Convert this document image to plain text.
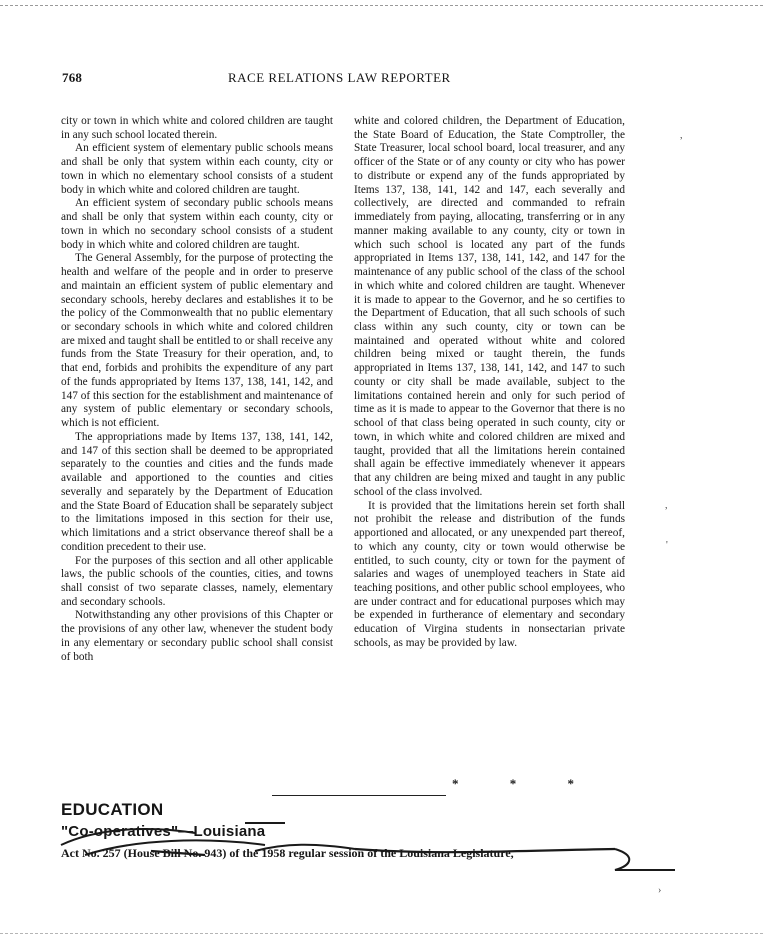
768	RACE RELATIONS LAW REPORTER

city or town in which white and colored children are taught in any such school located therein.

An efficient system of elementary public schools means and shall be only that system within each county, city or town in which no elementary school consists of a student body in which white and colored children are taught.

An efficient system of secondary public schools means and shall be only that system within each county, city or town in which no secondary school consists of a student body in which white and colored children are taught.

The General Assembly, for the purpose of protecting the health and welfare of the people and in order to preserve and maintain an efficient system of public elementary and secondary schools, hereby declares and establishes it to be the policy of the Commonwealth that no public elementary or secondary schools in which white and colored children are mixed and taught shall be entitled to or shall receive any funds from the State Treasury for their operation, and, to that end, forbids and prohibits the expenditure of any part of the funds appropriated by Items 137, 138, 141, 142, and 147 of this section for the establishment and maintenance of any system of public elementary or secondary schools, which is not efficient.

The appropriations made by Items 137, 138, 141, 142, and 147 of this section shall be deemed to be appropriated separately to the counties and cities and the funds made available and apportioned to the counties and cities severally and separately by the Department of Education and the State Board of Education shall be separately subject to the limitations imposed in this section for their use, which limitations and a strict observance thereof shall be a condition precedent to their use.

For the purposes of this section and all other applicable laws, the public schools of the counties, cities, and towns shall consist of two separate classes, namely, elementary and secondary schools.

Notwithstanding any other provisions of this Chapter or the provisions of any other law, whenever the student body in any elementary or secondary public school shall consist of both

white and colored children, the Department of Education, the State Board of Education, the State Comptroller, the State Treasurer, local school board, local treasurer, and any officer of the State or of any county or city who has power to distribute or expend any of the funds appropriated by Items 137, 138, 141, 142 and 147, each severally and collectively, are directed and commanded to refrain immediately from paying, allocating, transferring or in any manner making available to any county, city or town in which such school is located any part of the funds appropriated in Items 137, 138, 141, 142, and 147 for the maintenance of any public school of the class of the school in which white and colored children are taught. Whenever it is made to appear to the Governor, and he so certifies to the Department of Education, that all such schools of such class within any such county, city or town can be maintained and operated without white and colored children being mixed or taught therein, the funds appropriated in Items 137, 138, 141, 142, and 147 to such county or city shall be made available, subject to the limitations contained herein and only for such period of time as it is made to appear to the Governor that there is no school of that class being operated in such county, city or town, in which white and colored children are mixed and taught, provided that all the limitations herein contained shall again be effective immediately whenever it appears that any children are being mixed and taught in any public school of the class involved.

It is provided that the limitations herein set forth shall not prohibit the release and distribution of the funds apportioned and allocated, or any unexpended part thereof, to which any county, city or town would otherwise be entitled, to such county, city or town for the payment of salaries and wages of unemployed teachers in State aid teaching positions, and other public school employees, who are under contract and for educational purposes which may be expended in furtherance of elementary and secondary education of Virgina students in nonsectarian private schools, as may be provided by law.

* * *
EDUCATION
"Co-operatives"—Louisiana
Act No. 257 (House Bill No. 943) of the 1958 regular session of the Louisiana Legislature,
,
,
'
›
